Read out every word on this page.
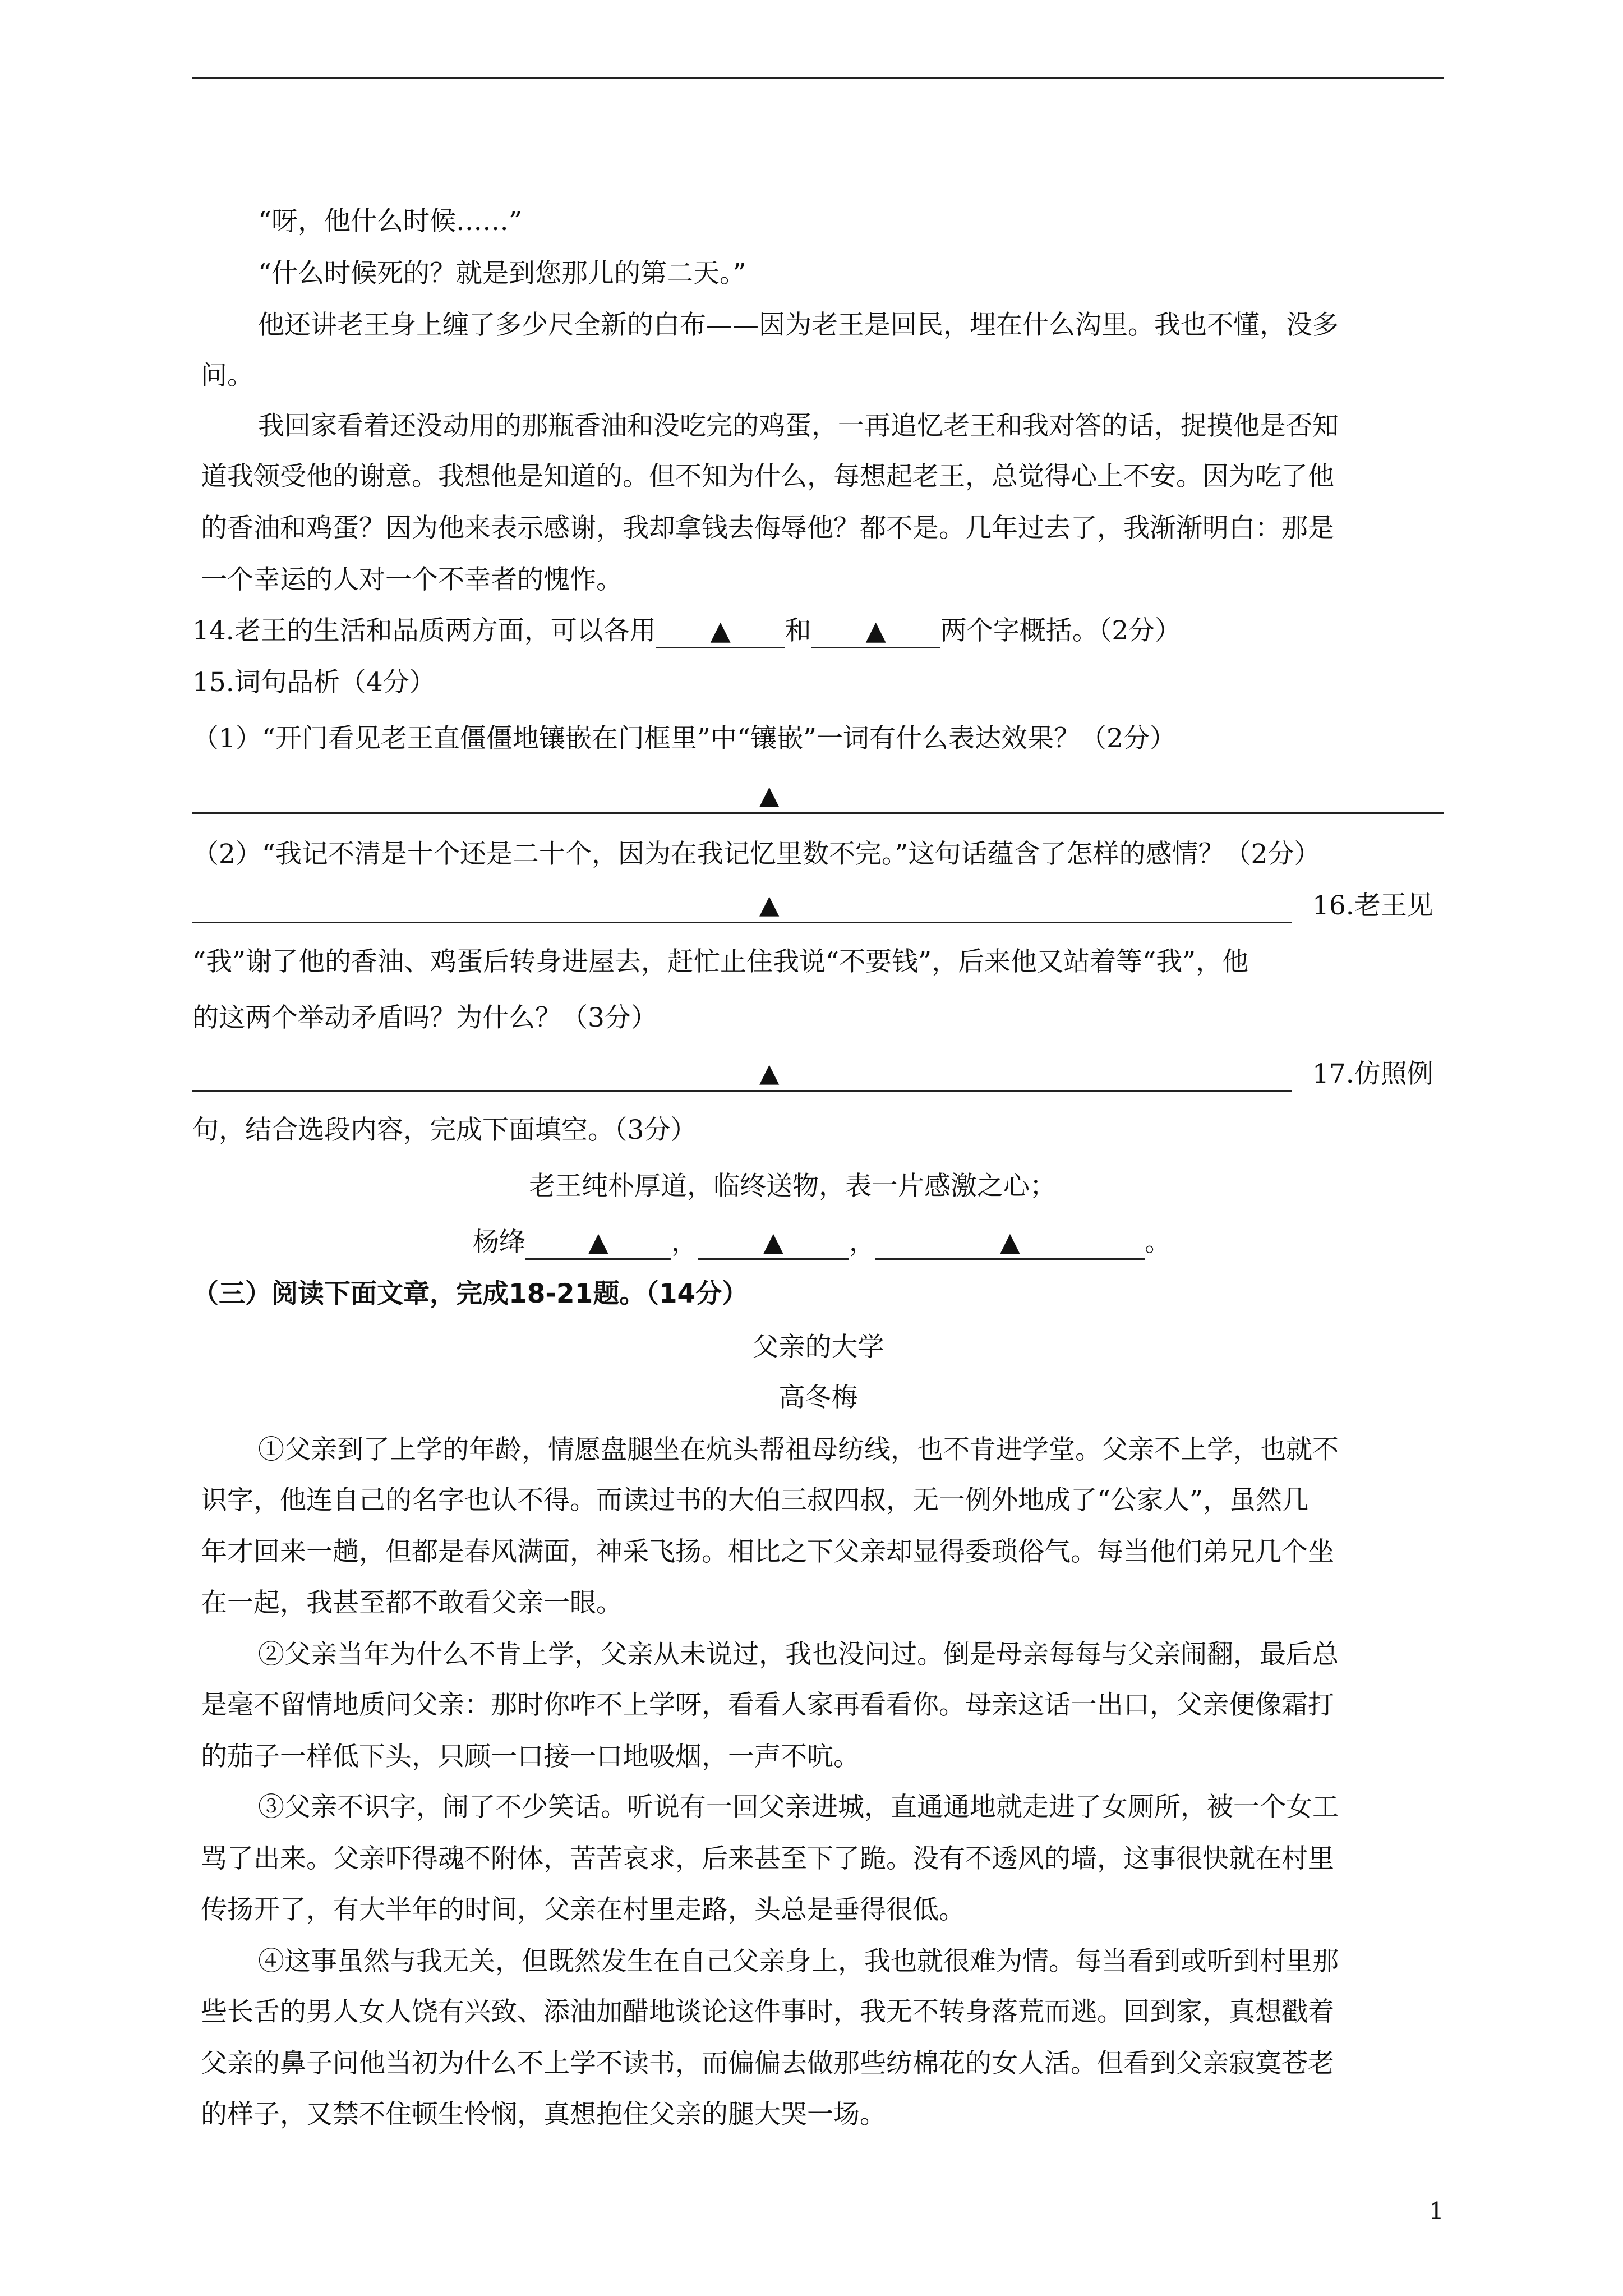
“呀，他什么时候……”
“什么时候死的？就是到您那儿的第二天。”
他还讲老王身上缠了多少尺全新的白布——因为老王是回民，埋在什么沟里。我也不懂，没多
问。
我回家看着还没动用的那瓶香油和没吃完的鸡蛋，一再追忆老王和我对答的话，捉摸他是否知
道我领受他的谢意。我想他是知道的。但不知为什么，每想起老王，总觉得心上不安。因为吃了他
的香油和鸡蛋？因为他来表示感谢，我却拿钱去侮辱他？都不是。几年过去了，我渐渐明白：那是
一个幸运的人对一个不幸者的愧怍。
14.老王的生活和品质两方面，可以各用 ▲ 和 ▲ 两个字概括。（2分）
15.词句品析（4分）
（1）“开门看见老王直僵僵地镶嵌在门框里”中“镶嵌”一词有什么表达效果？（2分）
▲
（2）“我记不清是十个还是二十个，因为在我记忆里数不完。”这句话蕴含了怎样的感情？（2分）
▲	16.老王见
“我”谢了他的香油、鸡蛋后转身进屋去，赶忙止住我说“不要钱”，后来他又站着等“我”，他
的这两个举动矛盾吗？为什么？（3分）
▲	17.仿照例
句，结合选段内容，完成下面填空。（3分）
老王纯朴厚道，临终送物，表一片感激之心；
杨绛 ▲ ， ▲ ，	▲	。
（三）阅读下面文章，完成18-21题。（14分）
父亲的大学
高冬梅
①父亲到了上学的年龄，情愿盘腿坐在炕头帮祖母纺线，也不肯进学堂。父亲不上学，也就不
识字，他连自己的名字也认不得。而读过书的大伯三叔四叔，无一例外地成了“公家人”，虽然几
年才回来一趟，但都是春风满面，神采飞扬。相比之下父亲却显得委琐俗气。每当他们弟兄几个坐
在一起，我甚至都不敢看父亲一眼。
②父亲当年为什么不肯上学，父亲从未说过，我也没问过。倒是母亲每每与父亲闹翻，最后总
是毫不留情地质问父亲：那时你咋不上学呀，看看人家再看看你。母亲这话一出口，父亲便像霜打
的茄子一样低下头，只顾一口接一口地吸烟，一声不吭。
③父亲不识字，闹了不少笑话。听说有一回父亲进城，直通通地就走进了女厕所，被一个女工
骂了出来。父亲吓得魂不附体，苦苦哀求，后来甚至下了跪。没有不透风的墙，这事很快就在村里
传扬开了，有大半年的时间，父亲在村里走路，头总是垂得很低。
④这事虽然与我无关，但既然发生在自己父亲身上，我也就很难为情。每当看到或听到村里那
些长舌的男人女人饶有兴致、添油加醋地谈论这件事时，我无不转身落荒而逃。回到家，真想戳着
父亲的鼻子问他当初为什么不上学不读书，而偏偏去做那些纺棉花的女人活。但看到父亲寂寞苍老
的样子，又禁不住顿生怜悯，真想抱住父亲的腿大哭一场。
1
